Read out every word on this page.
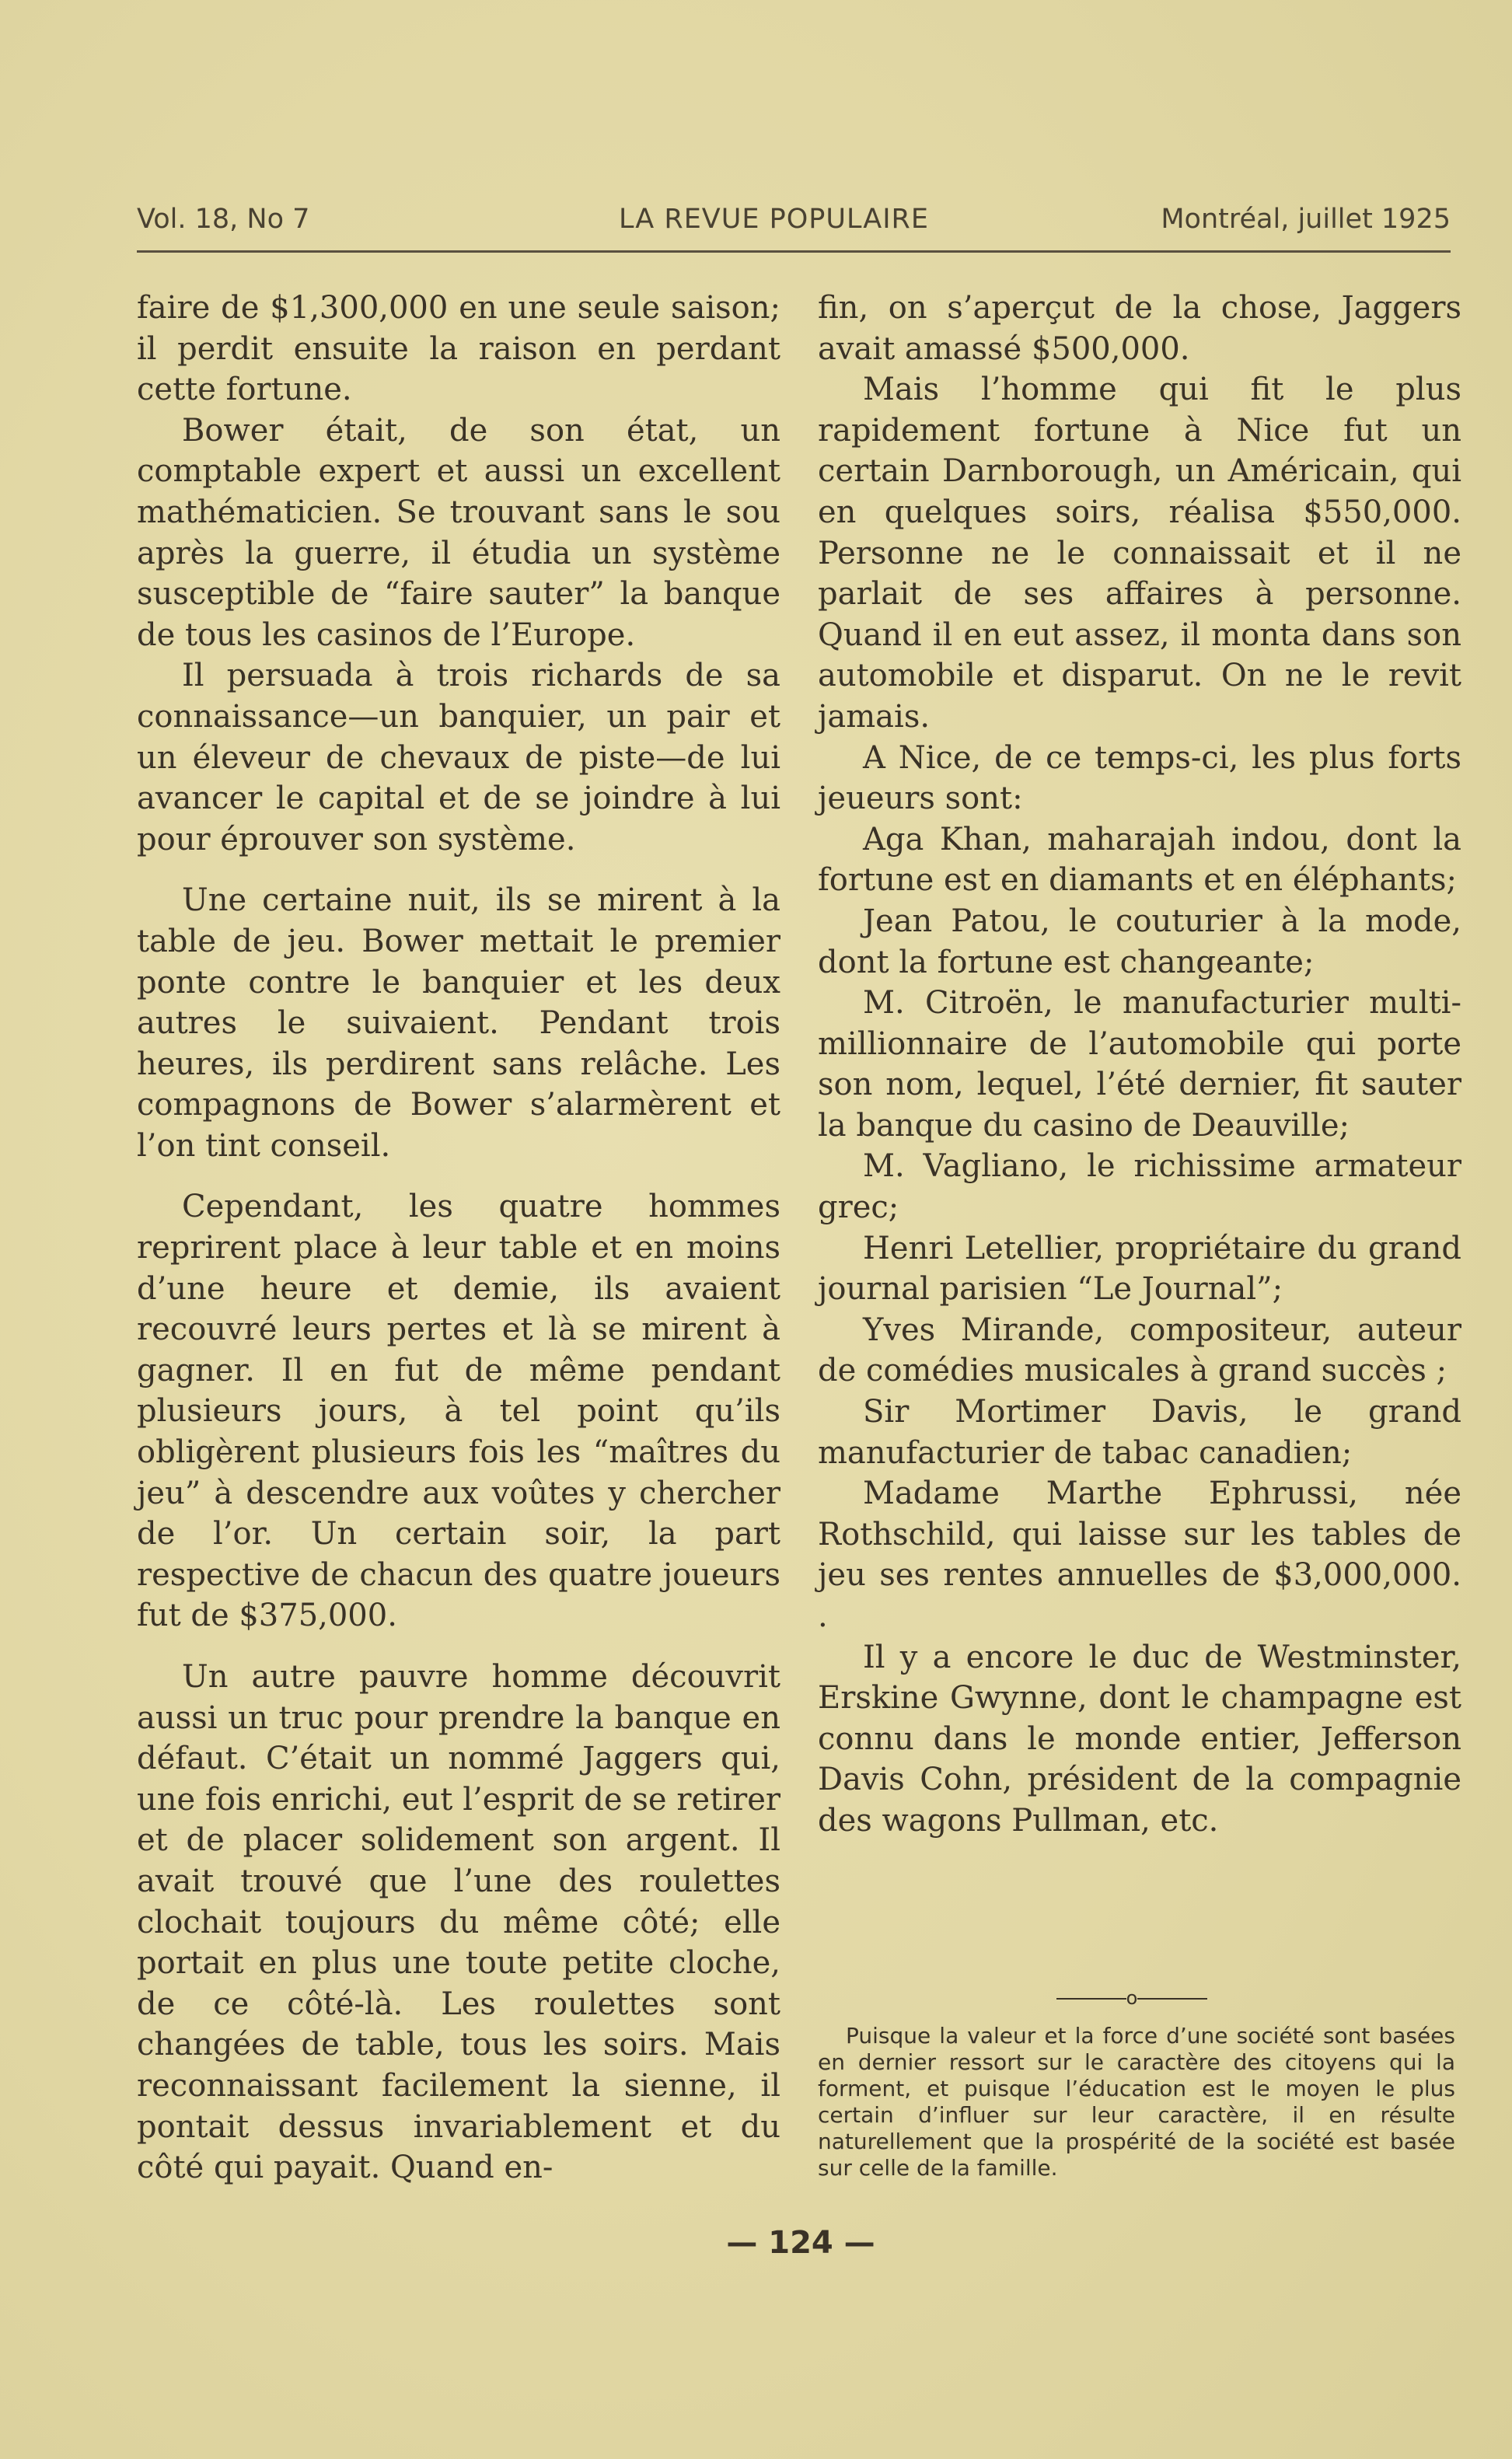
Vol. 18, No 7	LA REVUE POPULAIRE	Montréal, juillet 1925

faire de $1,300,000 en une seule saison; il perdit ensuite la raison en perdant cette fortune.

Bower était, de son état, un comptable expert et aussi un excellent mathématicien. Se trouvant sans le sou après la guerre, il étudia un système susceptible de “faire sauter” la banque de tous les casinos de l’Europe.

Il persuada à trois richards de sa connaissance—un banquier, un pair et un éleveur de chevaux de piste—de lui avancer le capital et de se joindre à lui pour éprouver son système.

Une certaine nuit, ils se mirent à la table de jeu. Bower mettait le premier ponte contre le banquier et les deux autres le suivaient. Pendant trois heures, ils perdirent sans relâche. Les compagnons de Bower s’alarmèrent et l’on tint conseil.

Cependant, les quatre hommes reprirent place à leur table et en moins d’une heure et demie, ils avaient recouvré leurs pertes et là se mirent à gagner. Il en fut de même pendant plusieurs jours, à tel point qu’ils obligèrent plusieurs fois les “maîtres du jeu” à descendre aux voûtes y chercher de l’or. Un certain soir, la part respective de chacun des quatre joueurs fut de $375,000.

Un autre pauvre homme découvrit aussi un truc pour prendre la banque en défaut. C’était un nommé Jaggers qui, une fois enrichi, eut l’esprit de se retirer et de placer solidement son argent. Il avait trouvé que l’une des roulettes clochait toujours du même côté; elle portait en plus une toute petite cloche, de ce côté-là. Les roulettes sont changées de table, tous les soirs. Mais reconnaissant facilement la sienne, il pontait dessus invariablement et du côté qui payait. Quand en-

fin, on s’aperçut de la chose, Jaggers avait amassé $500,000.

Mais l’homme qui fit le plus rapidement fortune à Nice fut un certain Darnborough, un Américain, qui en quelques soirs, réalisa $550,000. Personne ne le connaissait et il ne parlait de ses affaires à personne. Quand il en eut assez, il monta dans son automobile et disparut. On ne le revit jamais.

A Nice, de ce temps-ci, les plus forts jeueurs sont:

Aga Khan, maharajah indou, dont la fortune est en diamants et en éléphants;

Jean Patou, le couturier à la mode, dont la fortune est changeante;

M. Citroën, le manufacturier multi-millionnaire de l’automobile qui porte son nom, lequel, l’été dernier, fit sauter la banque du casino de Deauville;

M. Vagliano, le richissime armateur grec;

Henri Letellier, propriétaire du grand journal parisien “Le Journal”;

Yves Mirande, compositeur, auteur de comédies musicales à grand succès ;

Sir Mortimer Davis, le grand manufacturier de tabac canadien;

Madame Marthe Ephrussi, née Rothschild, qui laisse sur les tables de jeu ses rentes annuelles de $3,000,000. .

Il y a encore le duc de Westminster, Erskine Gwynne, dont le champagne est connu dans le monde entier, Jefferson Davis Cohn, président de la compagnie des wagons Pullman, etc.

o

Puisque la valeur et la force d’une société sont basées en dernier ressort sur le caractère des citoyens qui la forment, et puisque l’éducation est le moyen le plus certain d’influer sur leur caractère, il en résulte naturellement que la prospérité de la société est basée sur celle de la famille.

— 124 —
